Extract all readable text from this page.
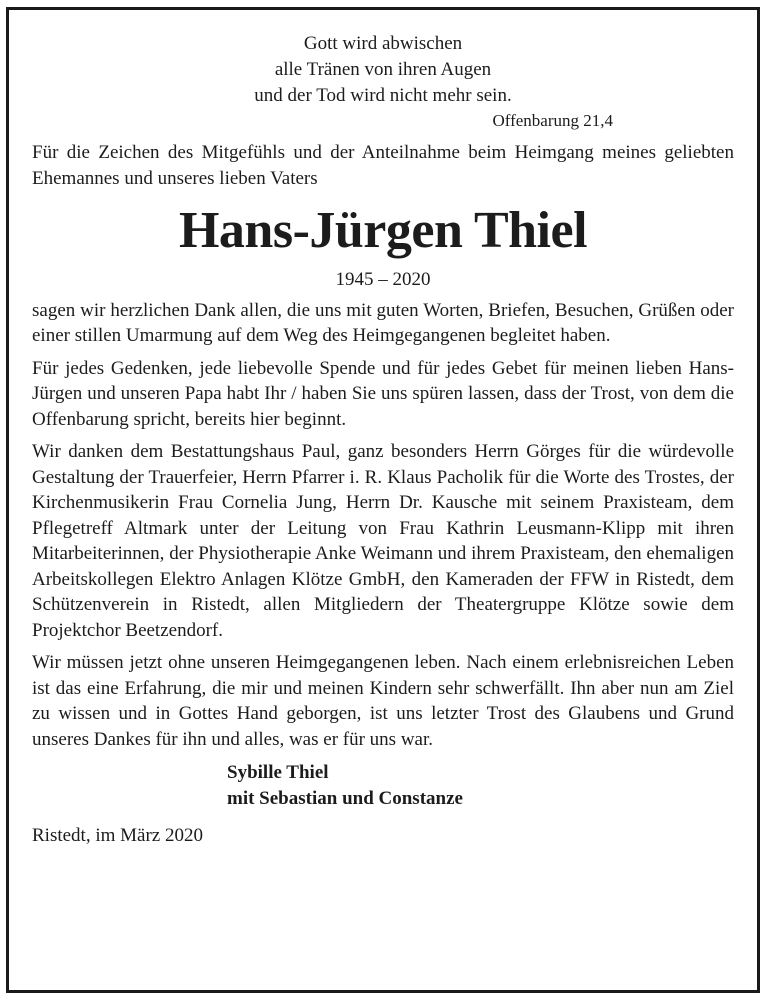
Gott wird abwischen
alle Tränen von ihren Augen
und der Tod wird nicht mehr sein.
Offenbarung 21,4
Für die Zeichen des Mitgefühls und der Anteilnahme beim Heimgang meines geliebten Ehemannes und unseres lieben Vaters
Hans-Jürgen Thiel
1945 – 2020

sagen wir herzlichen Dank allen, die uns mit guten Worten, Briefen, Besuchen, Grüßen oder einer stillen Umarmung auf dem Weg des Heimgegangenen begleitet haben.

Für jedes Gedenken, jede liebevolle Spende und für jedes Gebet für meinen lieben Hans-Jürgen und unseren Papa habt Ihr / haben Sie uns spüren lassen, dass der Trost, von dem die Offenbarung spricht, bereits hier beginnt.

Wir danken dem Bestattungshaus Paul, ganz besonders Herrn Görges für die würdevolle Gestaltung der Trauerfeier, Herrn Pfarrer i. R. Klaus Pacholik für die Worte des Trostes, der Kirchenmusikerin Frau Cornelia Jung, Herrn Dr. Kausche mit seinem Praxisteam, dem Pflegetreff Altmark unter der Leitung von Frau Kathrin Leusmann-Klipp mit ihren Mitarbeiterinnen, der Physiotherapie Anke Weimann und ihrem Praxisteam, den ehemaligen Arbeitskollegen Elektro Anlagen Klötze GmbH, den Kameraden der FFW in Ristedt, dem Schützenverein in Ristedt, allen Mitgliedern der Theatergruppe Klötze sowie dem Projektchor Beetzendorf.

Wir müssen jetzt ohne unseren Heimgegangenen leben. Nach einem erlebnisreichen Leben ist das eine Erfahrung, die mir und meinen Kindern sehr schwerfällt. Ihn aber nun am Ziel zu wissen und in Gottes Hand geborgen, ist uns letzter Trost des Glaubens und Grund unseres Dankes für ihn und alles, was er für uns war.

Sybille Thiel
mit Sebastian und Constanze
Ristedt, im März 2020
